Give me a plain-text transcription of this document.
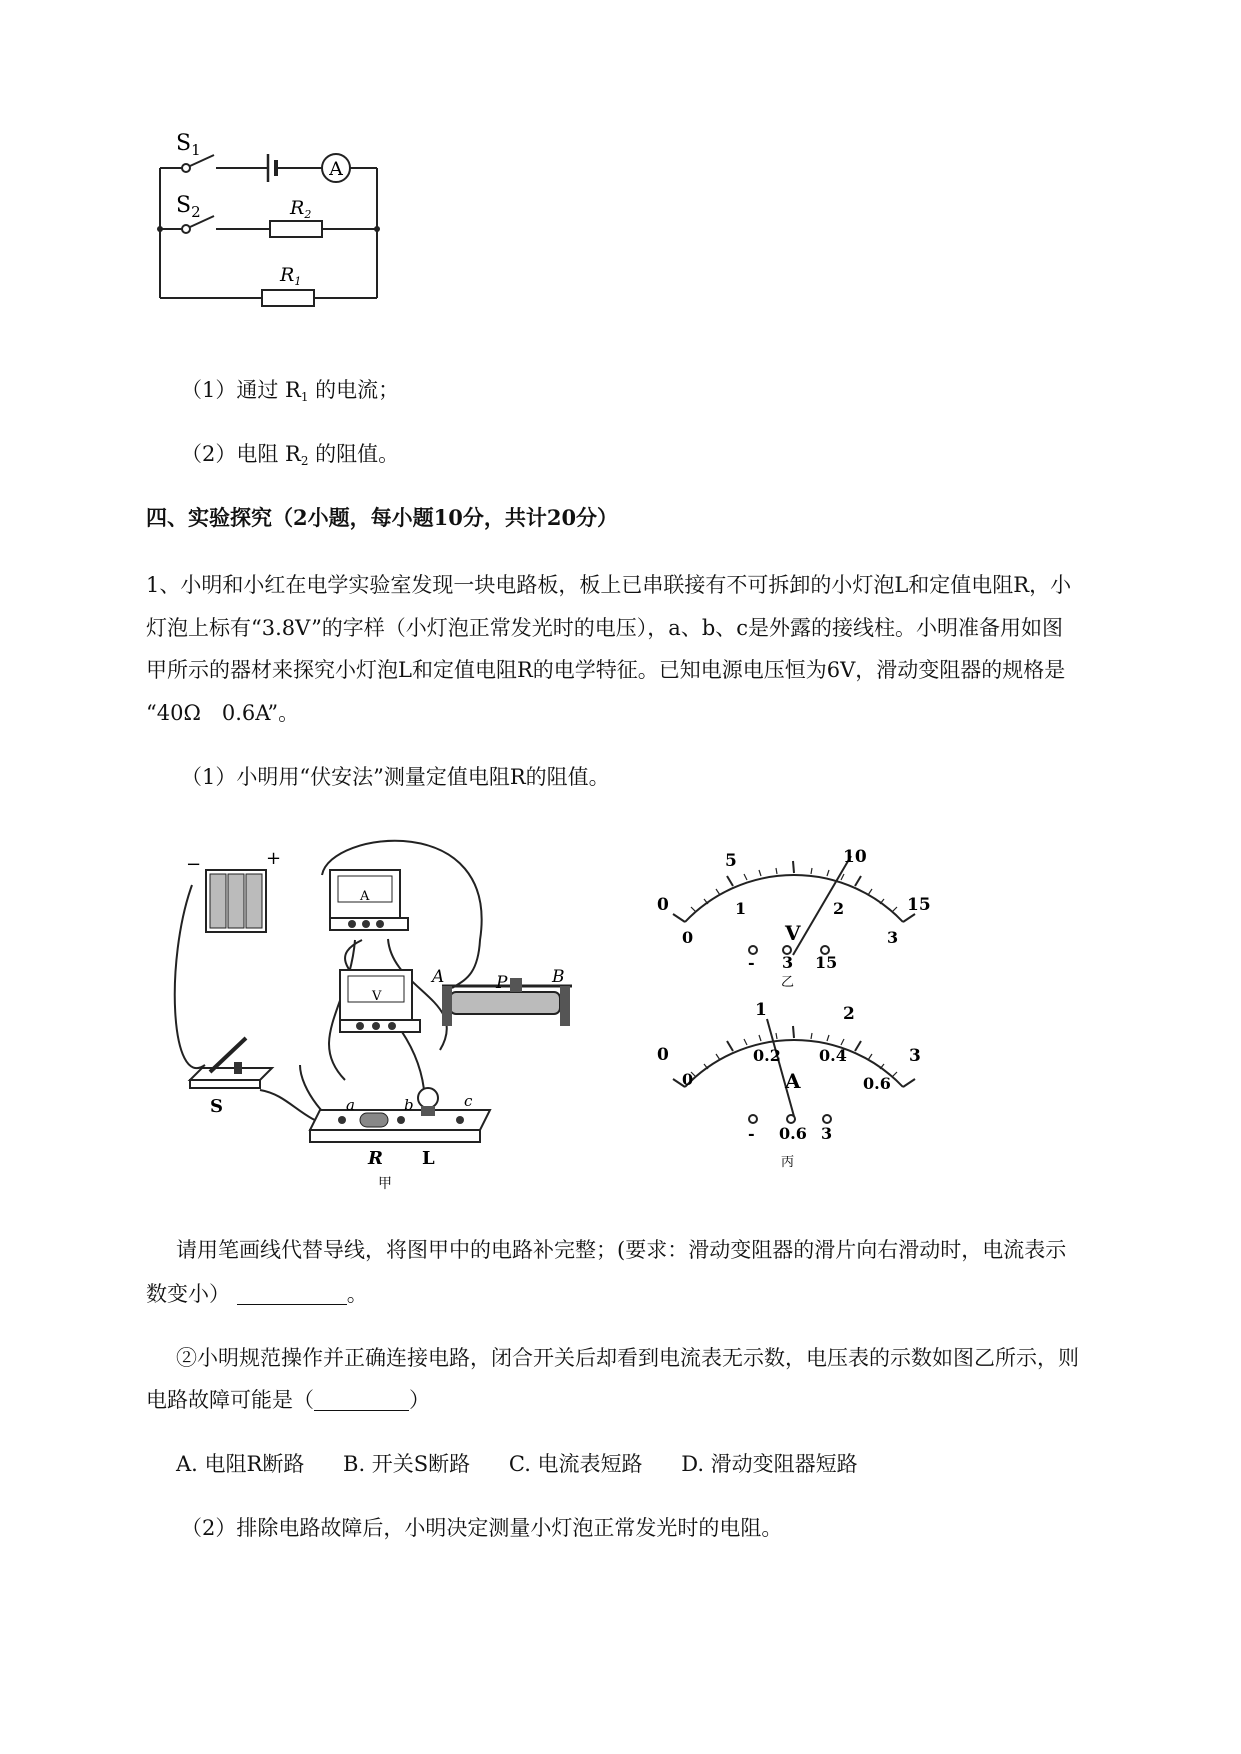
A
$S_1$
$S_2$	$R_2$
$R_1$
（1）通过 $R_1$ 的电流；
（2）电阻 $R_2$ 的阻值。
四、实验探究（2小题，每小题10分，共计20分）
1、小明和小红在电学实验室发现一块电路板，板上已串联接有不可拆卸的小灯泡L和定值电阻R，小
灯泡上标有“3.8V”的字样（小灯泡正常发光时的电压），a、b、c是外露的接线柱。小明准备用如图
甲所示的器材来探究小灯泡L和定值电阻R的电学特征。已知电源电压恒为6V，滑动变阻器的规格是
“40Ω　0.6A”。
（1）小明用“伏安法”测量定值电阻R的阻值。
−	+
S
A
V
A	P	B
a	b	c
R L
甲
0
5	10
15
0
1	2
3
V
- 3 15
乙
0
1	2
3
0
0.2 0.4
0.6
A
- 0.6 3
丙
请用笔画线代替导线，将图甲中的电路补完整；(要求：滑动变阻器的滑片向右滑动时，电流表示
数变小）	。
②小明规范操作并正确连接电路，闭合开关后却看到电流表无示数，电压表的示数如图乙所示，则
电路故障可能是（	）
A. 电阻R断路 B. 开关S断路 C. 电流表短路 D. 滑动变阻器短路
（2）排除电路故障后，小明决定测量小灯泡正常发光时的电阻。
